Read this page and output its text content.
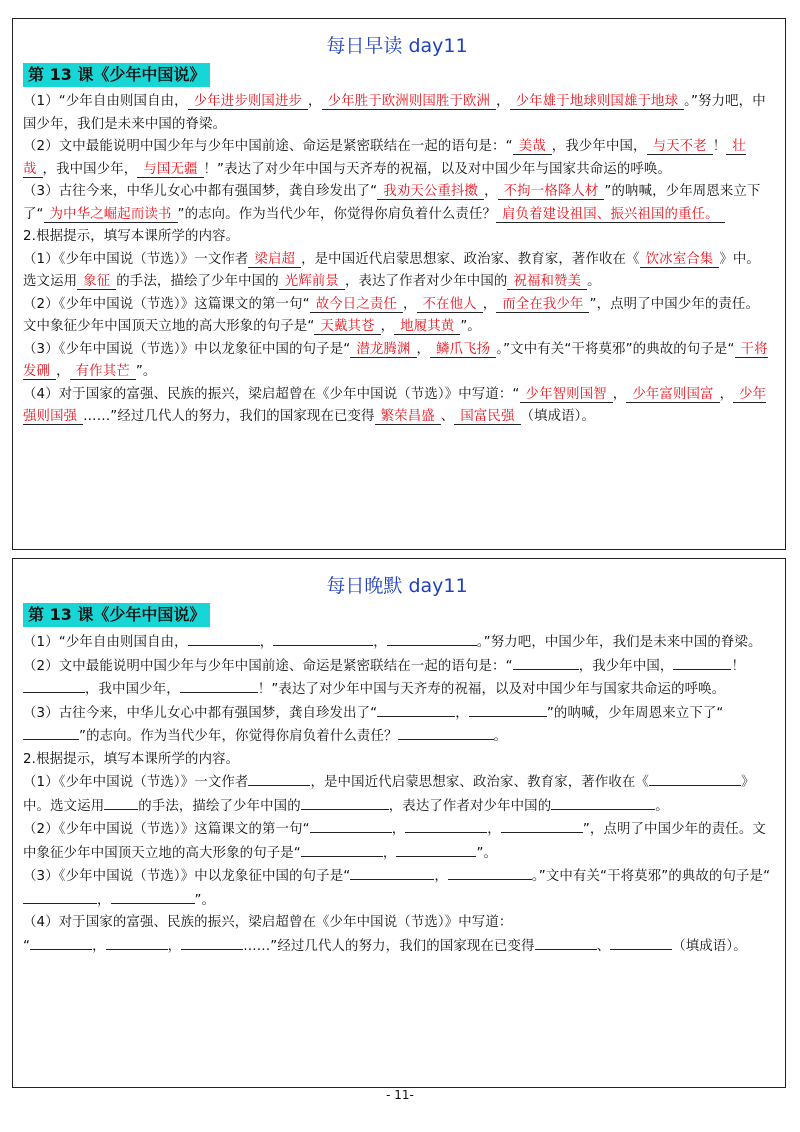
每日早读 day11
第 13 课《少年中国说》
（1）“少年自由则国自由， 少年进步则国进步 ， 少年胜于欧洲则国胜于欧洲 ， 少年雄于地球则国雄于地球 。”努力吧，中国少年，我们是未来中国的脊梁。
（2）文中最能说明中国少年与少年中国前途、命运是紧密联结在一起的语句是：“ 美哉 ，我少年中国， 与天不老 ！ 壮哉 ，我中国少年， 与国无疆 ！”表达了对少年中国与天齐寿的祝福，以及对中国少年与国家共命运的呼唤。
（3）古往今来，中华儿女心中都有强国梦，龚自珍发出了“ 我劝天公重抖擞 ， 不拘一格降人材 ”的呐喊，少年周恩来立下了“ 为中华之崛起而读书 ”的志向。作为当代少年，你觉得你肩负着什么责任？ 肩负着建设祖国、振兴祖国的重任。
2.根据提示，填写本课所学的内容。
（1）《少年中国说（节选）》一文作者 梁启超 ，是中国近代启蒙思想家、政治家、教育家，著作收在《 饮冰室合集 》中。选文运用 象征 的手法，描绘了少年中国的 光辉前景 ，表达了作者对少年中国的 祝福和赞美 。
（2）《少年中国说（节选）》这篇课文的第一句“ 故今日之责任 ， 不在他人 ， 而全在我少年 ”，点明了中国少年的责任。文中象征少年中国顶天立地的高大形象的句子是“ 天戴其苍 ， 地履其黄 ”。
（3）《少年中国说（节选）》中以龙象征中国的句子是“ 潜龙腾渊 ， 鳞爪飞扬 。”文中有关“干将莫邪”的典故的句子是“ 干将发硎 ， 有作其芒 ”。
（4）对于国家的富强、民族的振兴，梁启超曾在《少年中国说（节选）》中写道：“ 少年智则国智 ， 少年富则国富 ， 少年强则国强 ……”经过几代人的努力，我们的国家现在已变得 繁荣昌盛 、 国富民强 （填成语）。
每日晚默 day11
第 13 课《少年中国说》
（1）“少年自由则国自由，	，	，	。”努力吧，中国少年，我们是未来中国的脊梁。
（2）文中最能说明中国少年与少年中国前途、命运是紧密联结在一起的语句是：“	，我少年中国，	！，我中国少年，	！”表达了对少年中国与天齐寿的祝福，以及对中国少年与国家共命运的呼唤。
（3）古往今来，中华儿女心中都有强国梦，龚自珍发出了“	，	”的呐喊，少年周恩来立下了“”的志向。作为当代少年，你觉得你肩负着什么责任？	。
2.根据提示，填写本课所学的内容。
（1）《少年中国说（节选）》一文作者	，是中国近代启蒙思想家、政治家、教育家，著作收在《	》中。选文运用	的手法，描绘了少年中国的	，表达了作者对少年中国的	。
（2）《少年中国说（节选）》这篇课文的第一句“	，	，	”，点明了中国少年的责任。文中象征少年中国顶天立地的高大形象的句子是“	，	”。
（3）《少年中国说（节选）》中以龙象征中国的句子是“	，	。”文中有关“干将莫邪”的典故的句子是“，	”。
（4）对于国家的富强、民族的振兴，梁启超曾在《少年中国说（节选）》中写道：
“	，	，	……”经过几代人的努力，我们的国家现在已变得	、	（填成语）。
- 11-
